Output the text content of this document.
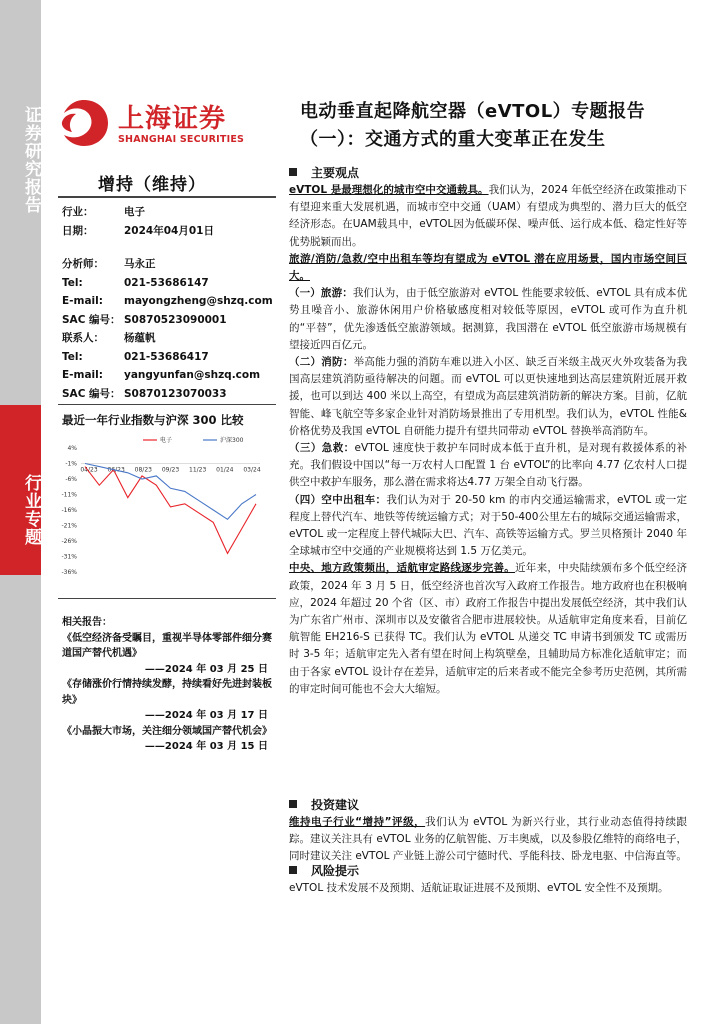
证券研究报告
行业专题
上海证券
SHANGHAI SECURITIES
电动垂直起降航空器（eVTOL）专题报告（一）：交通方式的重大变革正在发生
增持（维持）
行业：	电子
日期：	2024年04月01日
分析师： 马永正
Tel:	021-53686147
E-mail: mayongzheng@shzq.com
SAC 编号： S0870523090001
联系人： 杨蕴帆
Tel:	021-53686417
E-mail: yangyunfan@shzq.com
SAC 编号： S0870123070033
最近一年行业指数与沪深 300 比较
4%
-1%
-6%
-11%
-16%
-21%
-26%
-31%
-36%
04/23 06/23 08/23 09/23 11/23 01/24 03/24
电子	沪深300
相关报告：
《低空经济备受瞩目，重视半导体零部件细分赛道国产替代机遇》
——2024 年 03 月 25 日
《存储涨价行情持续发酵，持续看好先进封装板块》
——2024 年 03 月 17 日
《小晶振大市场，关注细分领域国产替代机会》
——2024 年 03 月 15 日
主要观点
eVTOL 是最理想化的城市空中交通载具。我们认为，2024 年低空经济在政策推动下有望迎来重大发展机遇，而城市空中交通（UAM）有望成为典型的、潜力巨大的低空经济形态。在UAM载具中，eVTOL因为低碳环保、噪声低、运行成本低、稳定性好等优势脱颖而出。
旅游/消防/急救/空中出租车等均有望成为 eVTOL 潜在应用场景，国内市场空间巨大。
（一）旅游：我们认为，由于低空旅游对 eVTOL 性能要求较低、eVTOL 具有成本优势且噪音小、旅游休闲用户价格敏感度相对较低等原因，eVTOL 或可作为直升机的“平替”，优先渗透低空旅游领域。据测算，我国潜在 eVTOL 低空旅游市场规模有望接近四百亿元。
（二）消防：举高能力强的消防车难以进入小区、缺乏百米级主战灭火外攻装备为我国高层建筑消防亟待解决的问题。而 eVTOL 可以更快速地到达高层建筑附近展开救援，也可以到达 400 米以上高空，有望成为高层建筑消防新的解决方案。目前，亿航智能、峰飞航空等多家企业针对消防场景推出了专用机型。我们认为，eVTOL 性能&价格优势及我国 eVTOL 自研能力提升有望共同带动 eVTOL 替换举高消防车。
（三）急救：eVTOL 速度快于救护车同时成本低于直升机，是对现有救援体系的补充。我们假设中国以“每一万农村人口配置 1 台 eVTOL”的比率向 4.77 亿农村人口提供空中救护车服务，那么潜在需求将达4.77 万架全自动飞行器。
（四）空中出租车：我们认为对于 20-50 km 的市内交通运输需求，eVTOL 或一定程度上替代汽车、地铁等传统运输方式；对于50-400公里左右的城际交通运输需求，eVTOL 或一定程度上替代城际大巴、汽车、高铁等运输方式。罗兰贝格预计 2040 年全球城市空中交通的产业规模将达到 1.5 万亿美元。
中央、地方政策频出，适航审定路线逐步完善。近年来，中央陆续颁布多个低空经济政策，2024 年 3 月 5 日，低空经济也首次写入政府工作报告。地方政府也在积极响应，2024 年超过 20 个省（区、市）政府工作报告中提出发展低空经济，其中我们认为广东省广州市、深圳市以及安徽省合肥市进展较快。从适航审定角度来看，目前亿航智能 EH216-S 已获得 TC。我们认为 eVTOL 从递交 TC 申请书到颁发 TC 或需历时 3-5 年；适航审定先入者有望在时间上构筑壁垒，且辅助局方标准化适航审定；而由于各家 eVTOL 设计存在差异，适航审定的后来者或不能完全参考历史范例，其所需的审定时间可能也不会大大缩短。
投资建议
维持电子行业“增持”评级，我们认为 eVTOL 为新兴行业，其行业动态值得持续跟踪。建议关注具有 eVTOL 业务的亿航智能、万丰奥威，以及参股亿维特的商络电子，同时建议关注 eVTOL 产业链上游公司宁德时代、孚能科技、卧龙电驱、中信海直等。
风险提示
eVTOL 技术发展不及预期、适航证取证进展不及预期、eVTOL 安全性不及预期。
